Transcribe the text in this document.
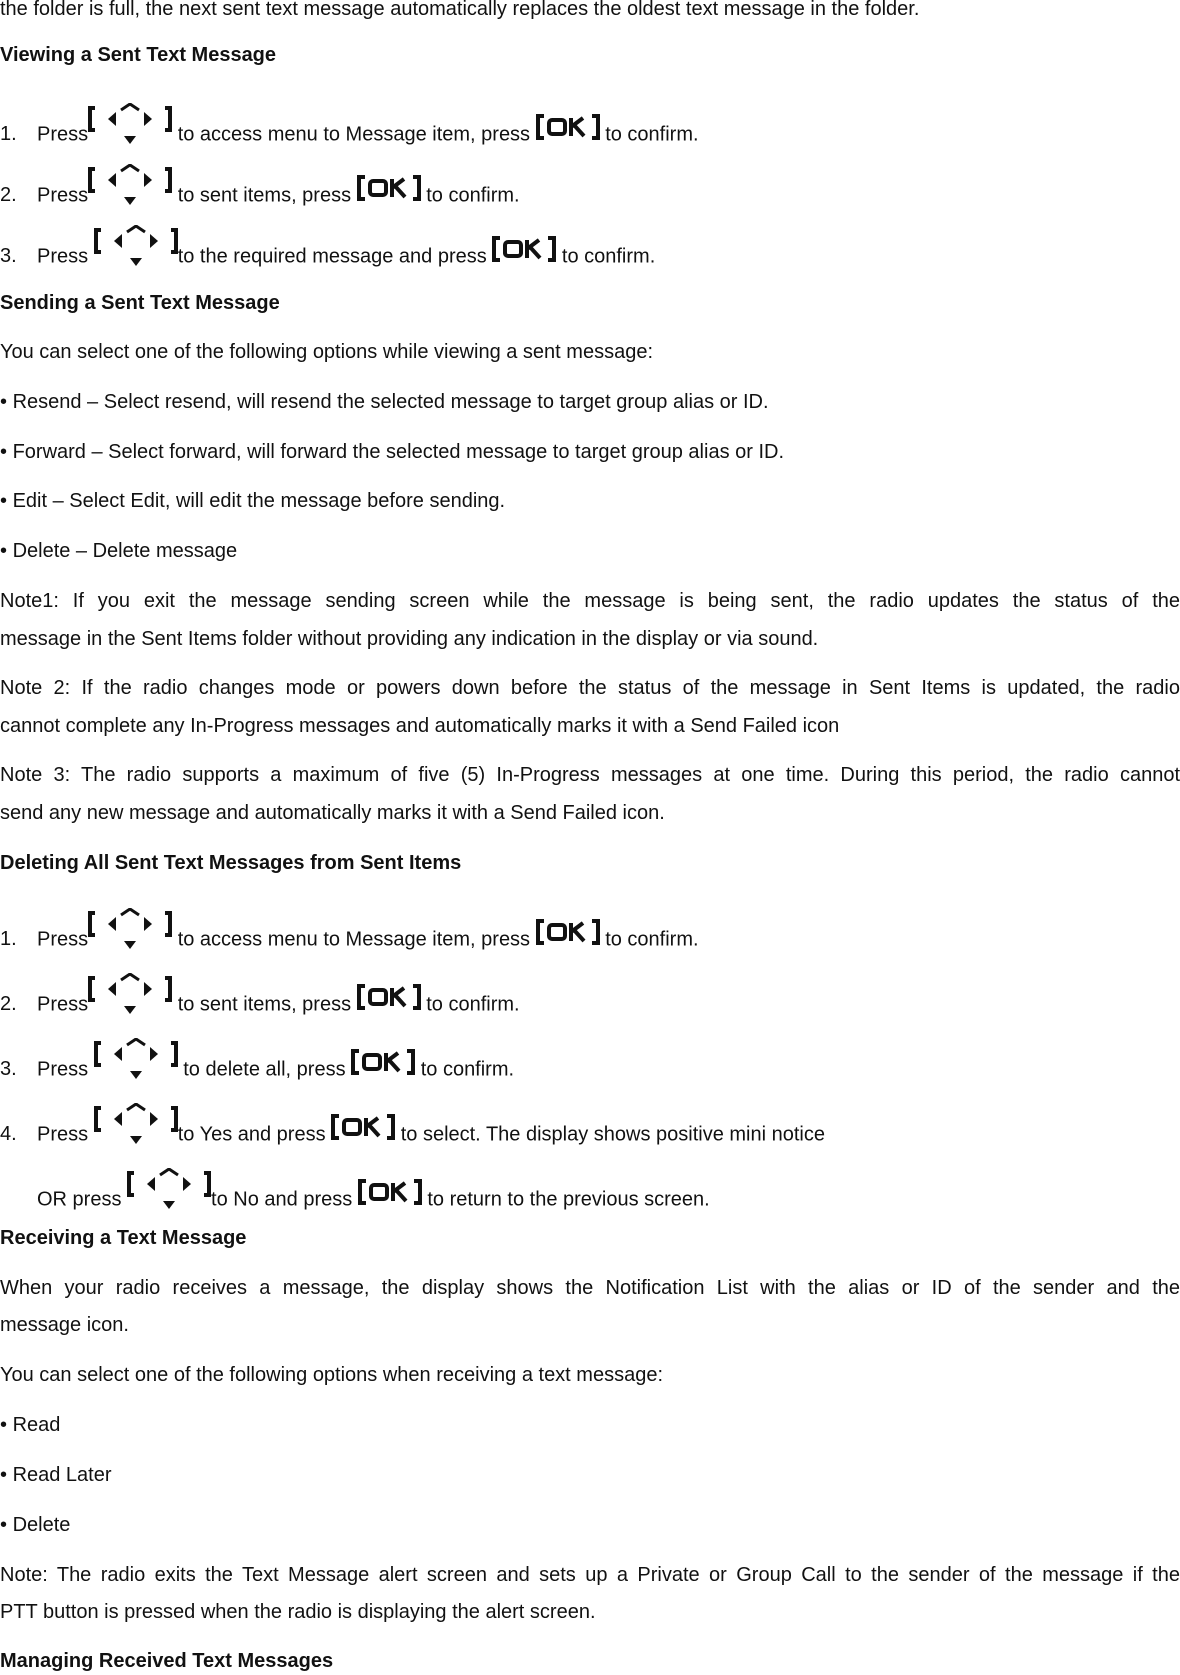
the folder is full, the next sent text message automatically replaces the oldest text message in the folder.
Viewing a Sent Text Message
1. Press	to access menu to Message item, press	to confirm.
2. Press	to sent items, press	to confirm.
3. Press	to the required message and press	to confirm.
Sending a Sent Text Message
You can select one of the following options while viewing a sent message:
• Resend – Select resend, will resend the selected message to target group alias or ID.
• Forward – Select forward, will forward the selected message to target group alias or ID.
• Edit – Select Edit, will edit the message before sending.
• Delete – Delete message
Note1: If you exit the message sending screen while the message is being sent, the radio updates the status of the
message in the Sent Items folder without providing any indication in the display or via sound.
Note 2: If the radio changes mode or powers down before the status of the message in Sent Items is updated, the radio
cannot complete any In-Progress messages and automatically marks it with a Send Failed icon
Note 3: The radio supports a maximum of five (5) In-Progress messages at one time. During this period, the radio cannot
send any new message and automatically marks it with a Send Failed icon.
Deleting All Sent Text Messages from Sent Items
1. Press	to access menu to Message item, press	to confirm.
2. Press	to sent items, press	to confirm.
3. Press	to delete all, press	to confirm.
4. Press	to Yes and press	to select. The display shows positive mini notice
OR press	to No and press	to return to the previous screen.
Receiving a Text Message
When your radio receives a message, the display shows the Notification List with the alias or ID of the sender and the
message icon.
You can select one of the following options when receiving a text message:
• Read
• Read Later
• Delete
Note: The radio exits the Text Message alert screen and sets up a Private or Group Call to the sender of the message if the
PTT button is pressed when the radio is displaying the alert screen.
Managing Received Text Messages
